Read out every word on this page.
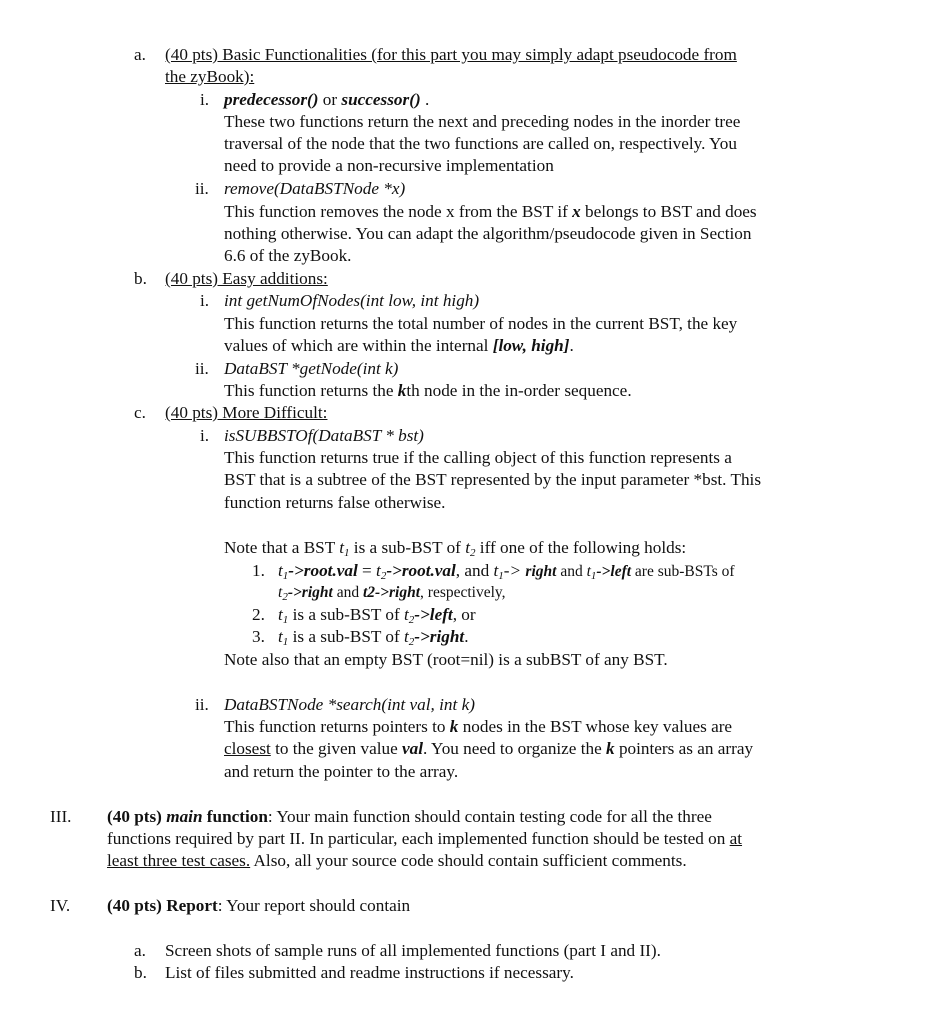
a. (40 pts) Basic Functionalities (for this part you may simply adapt pseudocode from
the zyBook):
i. predecessor() or successor() .
These two functions return the next and preceding nodes in the inorder tree
traversal of the node that the two functions are called on, respectively. You
need to provide a non-recursive implementation
ii. remove(DataBSTNode *x)
This function removes the node x from the BST if x belongs to BST and does
nothing otherwise. You can adapt the algorithm/pseudocode given in Section
6.6 of the zyBook.
b. (40 pts) Easy additions:
i. int getNumOfNodes(int low, int high)
This function returns the total number of nodes in the current BST, the key
values of which are within the internal [low, high].
ii. DataBST *getNode(int k)
This function returns the kth node in the in-order sequence.
c. (40 pts) More Difficult:
i. isSUBBSTOf(DataBST * bst)
This function returns true if the calling object of this function represents a
BST that is a subtree of the BST represented by the input parameter *bst. This
function returns false otherwise.
Note that a BST $t_1$ is a sub-BST of $t_2$ iff one of the following holds:
1. $t_1->root.val$ = $t_2->root.val$, and $t_1->$ right and $t_1->left$ are sub-BSTs of
$t_2->right$ and t2->right, respectively,
2. $t_1$ is a sub-BST of $t_2->left$, or
3. $t_1$ is a sub-BST of $t_2->right$.
Note also that an empty BST (root=nil) is a subBST of any BST.
ii. DataBSTNode *search(int val, int k)
This function returns pointers to k nodes in the BST whose key values are
closest to the given value val. You need to organize the k pointers as an array
and return the pointer to the array.
III. (40 pts) main function: Your main function should contain testing code for all the three
functions required by part II. In particular, each implemented function should be tested on at
least three test cases. Also, all your source code should contain sufficient comments.
IV. (40 pts) Report: Your report should contain
a. Screen shots of sample runs of all implemented functions (part I and II).
b. List of files submitted and readme instructions if necessary.
